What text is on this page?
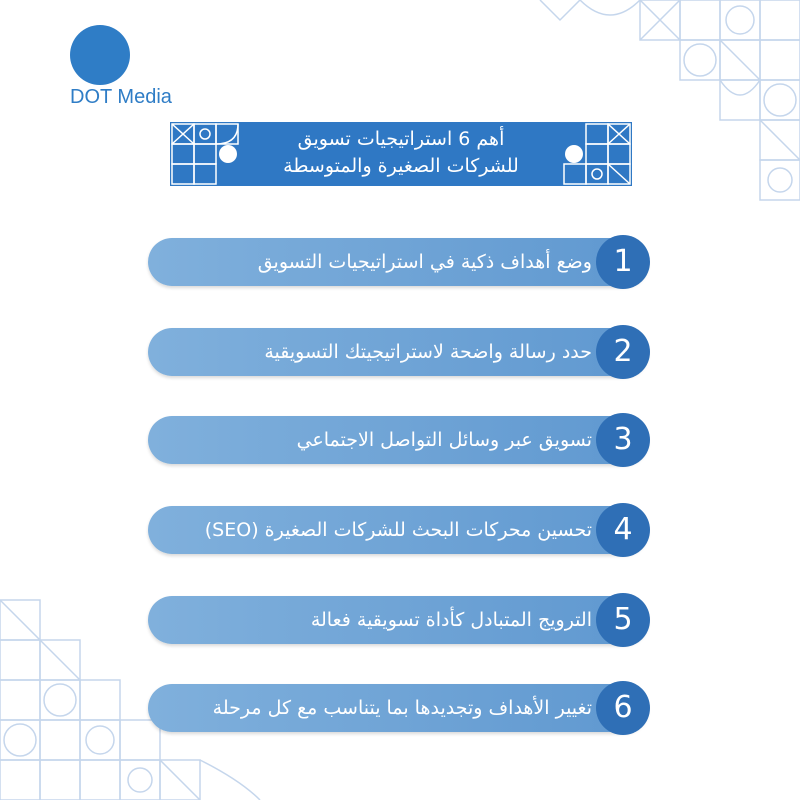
DOT Media
أهم 6 استراتيجيات تسويق
للشركات الصغيرة والمتوسطة
وضع أهداف ذكية في استراتيجيات التسويق 1
حدد رسالة واضحة لاستراتيجيتك التسويقية 2
تسويق عبر وسائل التواصل الاجتماعي 3
تحسين محركات البحث للشركات الصغيرة (SEO) 4
الترويج المتبادل كأداة تسويقية فعالة 5
تغيير الأهداف وتجديدها بما يتناسب مع كل مرحلة 6
